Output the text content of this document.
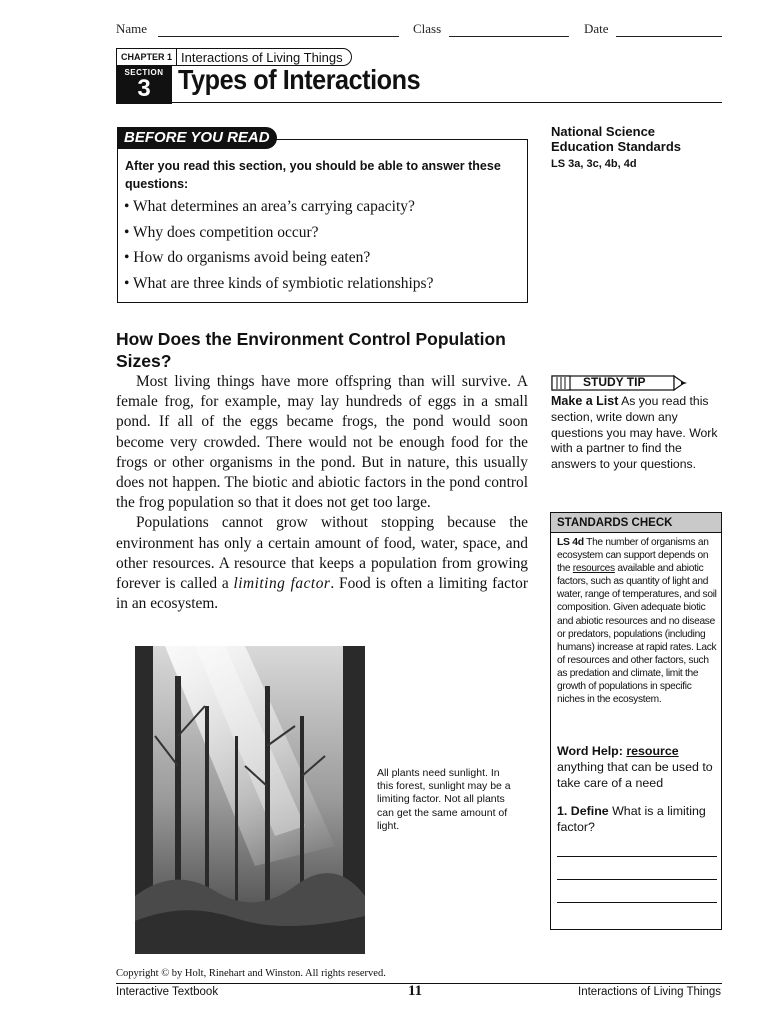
Name	Class	Date
CHAPTER 1 Interactions of Living Things
SECTION
3 Types of Interactions
BEFORE YOU READ
After you read this section, you should be able to answer these questions:
• What determines an area’s carrying capacity?
• Why does competition occur?
• How do organisms avoid being eaten?
• What are three kinds of symbiotic relationships?
National Science
Education Standards
LS 3a, 3c, 4b, 4d
How Does the Environment Control Population Sizes?

Most living things have more offspring than will survive. A female frog, for example, may lay hundreds of eggs in a small pond. If all of the eggs became frogs, the pond would soon become very crowded. There would not be enough food for the frogs or other organisms in the pond. But in nature, this usually does not happen. The biotic and abiotic factors in the pond control the frog population so that it does not get too large.

Populations cannot grow without stopping because the environment has only a certain amount of food, water, space, and other resources. A resource that keeps a population from growing forever is called a limiting factor. Food is often a limiting factor in an ecosystem.

STUDY TIP
Make a List As you read this section, write down any questions you may have. Work with a partner to find the answers to your questions.
STANDARDS CHECK
LS 4d The number of organisms an ecosystem can support depends on the resources available and abiotic factors, such as quantity of light and water, range of temperatures, and soil composition. Given adequate biotic and abiotic resources and no disease or predators, populations (including humans) increase at rapid rates. Lack of resources and other factors, such as predation and climate, limit the growth of populations in specific niches in the ecosystem.
Word Help: resource
anything that can be used to take care of a need
1. Define What is a limiting factor?
All plants need sunlight. In this forest, sunlight may be a limiting factor. Not all plants can get the same amount of light.
Copyright © by Holt, Rinehart and Winston. All rights reserved.
Interactive Textbook	11	Interactions of Living Things
